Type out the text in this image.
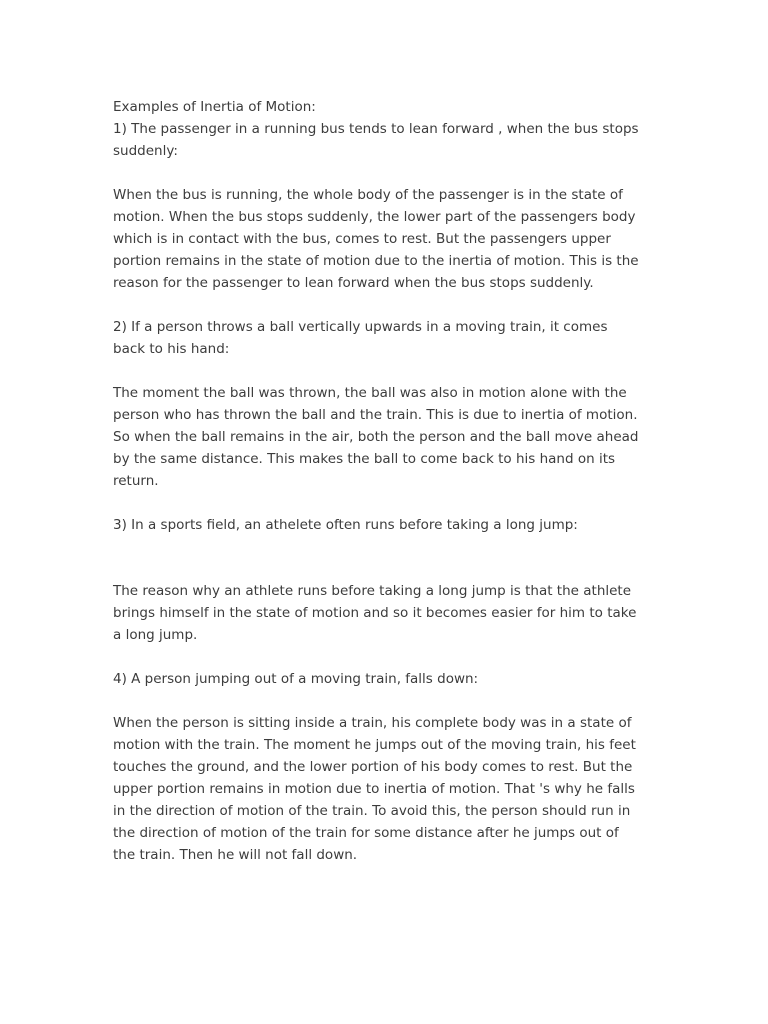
Examples of Inertia of Motion:

1) The passenger in a running bus tends to lean forward , when the bus stops suddenly:

When the bus is running, the whole body of the passenger is in the state of motion. When the bus stops suddenly, the lower part of the passengers body which is in contact with the bus, comes to rest. But the passengers upper portion remains in the state of motion due to the inertia of motion. This is the reason for the passenger to lean forward when the bus stops suddenly.

2) If a person throws a ball vertically upwards in a moving train, it comes back to his hand:

The moment the ball was thrown, the ball was also in motion alone with the person who has thrown the ball and the train. This is due to inertia of motion. So when the ball remains in the air, both the person and the ball move ahead by the same distance. This makes the ball to come back to his hand on its return.

3) In a sports field, an athelete often runs before taking a long jump:

The reason why an athlete runs before taking a long jump is that the athlete brings himself in the state of motion and so it becomes easier for him to take a long jump.

4) A person jumping out of a moving train, falls down:

When the person is sitting inside a train, his complete body was in a state of motion with the train. The moment he jumps out of the moving train, his feet touches the ground, and the lower portion of his body comes to rest. But the upper portion remains in motion due to inertia of motion. That 's why he falls in the direction of motion of the train. To avoid this, the person should run in the direction of motion of the train for some distance after he jumps out of the train. Then he will not fall down.
